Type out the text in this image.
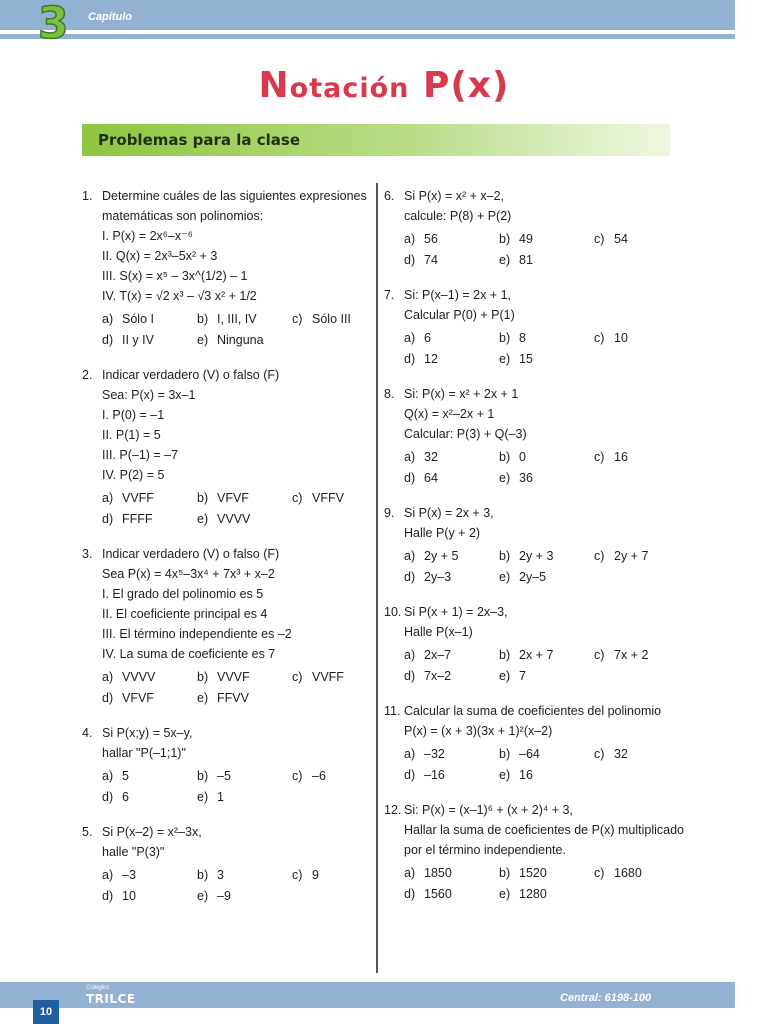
3 Capítulo
Notación P(x)
Problemas para la clase
1. Determine cuáles de las siguientes expresiones
matemáticas son polinomios:
I. P(x) = 2x⁶–x⁻⁶
II. Q(x) = 2x³–5x² + 3
III. S(x) = x⁵ – 3x^(1/2) – 1
IV. T(x) = √2 x³ – √3 x² + 1/2
a) Sólo I	b) I, III, IV	c) Sólo III
d) II y IV	e) Ninguna
2. Indicar verdadero (V) o falso (F)
Sea: P(x) = 3x–1
I. P(0) = –1
II. P(1) = 5
III. P(–1) = –7
IV. P(2) = 5
a) VVFF	b) VFVF	c) VFFV
d) FFFF	e) VVVV
3. Indicar verdadero (V) o falso (F)
Sea P(x) = 4x⁵–3x⁴ + 7x³ + x–2
I. El grado del polinomio es 5
II. El coeficiente principal es 4
III. El término independiente es –2
IV. La suma de coeficiente es 7
a) VVVV	b) VVVF	c) VVFF
d) VFVF	e) FFVV
4. Si P(x;y) = 5x–y,
hallar "P(–1;1)"
a) 5	b) –5	c) –6
d) 6	e) 1
5. Si P(x–2) = x²–3x,
halle "P(3)"
a) –3	b) 3	c) 9
d) 10	e) –9
6. Si P(x) = x² + x–2,
calcule: P(8) + P(2)
a) 56	b) 49	c) 54
d) 74	e) 81
7. Si: P(x–1) = 2x + 1,
Calcular P(0) + P(1)
a) 6	b) 8	c) 10
d) 12	e) 15
8. Si: P(x) = x² + 2x + 1
Q(x) = x²–2x + 1
Calcular: P(3) + Q(–3)
a) 32	b) 0	c) 16
d) 64	e) 36
9. Si P(x) = 2x + 3,
Halle P(y + 2)
a) 2y + 5	b) 2y + 3	c) 2y + 7
d) 2y–3	e) 2y–5
10. Si P(x + 1) = 2x–3,
Halle P(x–1)
a) 2x–7	b) 2x + 7	c) 7x + 2
d) 7x–2	e) 7
11. Calcular la suma de coeficientes del polinomio
P(x) = (x + 3)(3x + 1)²(x–2)
a) –32	b) –64	c) 32
d) –16	e) 16
12. Si: P(x) = (x–1)⁶ + (x + 2)⁴ + 3,
Hallar la suma de coeficientes de P(x) multiplicado
por el término independiente.
a) 1850	b) 1520	c) 1680
d) 1560	e) 1280
Colegios
TRILCE	Central: 6198-100
10
